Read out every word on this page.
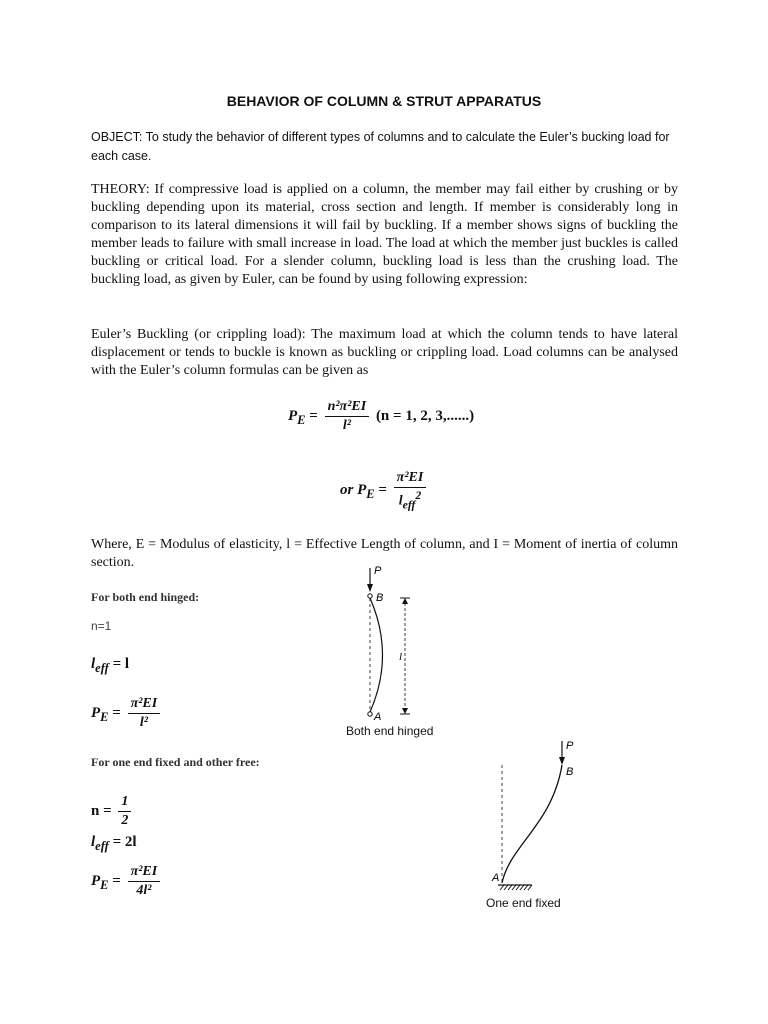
BEHAVIOR OF COLUMN & STRUT APPARATUS
OBJECT: To study the behavior of different types of columns and to calculate the Euler’s bucking load for each case.
THEORY: If compressive load is applied on a column, the member may fail either by crushing or by buckling depending upon its material, cross section and length. If member is considerably long in comparison to its lateral dimensions it will fail by buckling. If a member shows signs of buckling the member leads to failure with small increase in load. The load at which the member just buckles is called buckling or critical load. For a slender column, buckling load is less than the crushing load. The buckling load, as given by Euler, can be found by using following expression:
Euler’s Buckling (or crippling load): The maximum load at which the column tends to have lateral displacement or tends to buckle is known as buckling or crippling load. Load columns can be analysed with the Euler’s column formulas can be given as
$P_E = \frac{\text{n²π²EI}}{\text{l²}} (n = 1$, 2, 3,......)
or $P_E = \frac{\text{π²EI}}{l_{eff}^2}$
Where, E = Modulus of elasticity, l = Effective Length of column, and I = Moment of inertia of column section.
For both end hinged:
n=1
$l_{eff} = l$
$P_E = \frac{\text{π²EI}}{\text{l²}}$
P
B
A
l
Both end hinged
For one end fixed and other free:
$n = \frac{1}{2}$
$l_{eff} = 2l$
$P_E = \frac{\text{π²EI}}{\text{4l²}}$
P
B
A
One end fixed
